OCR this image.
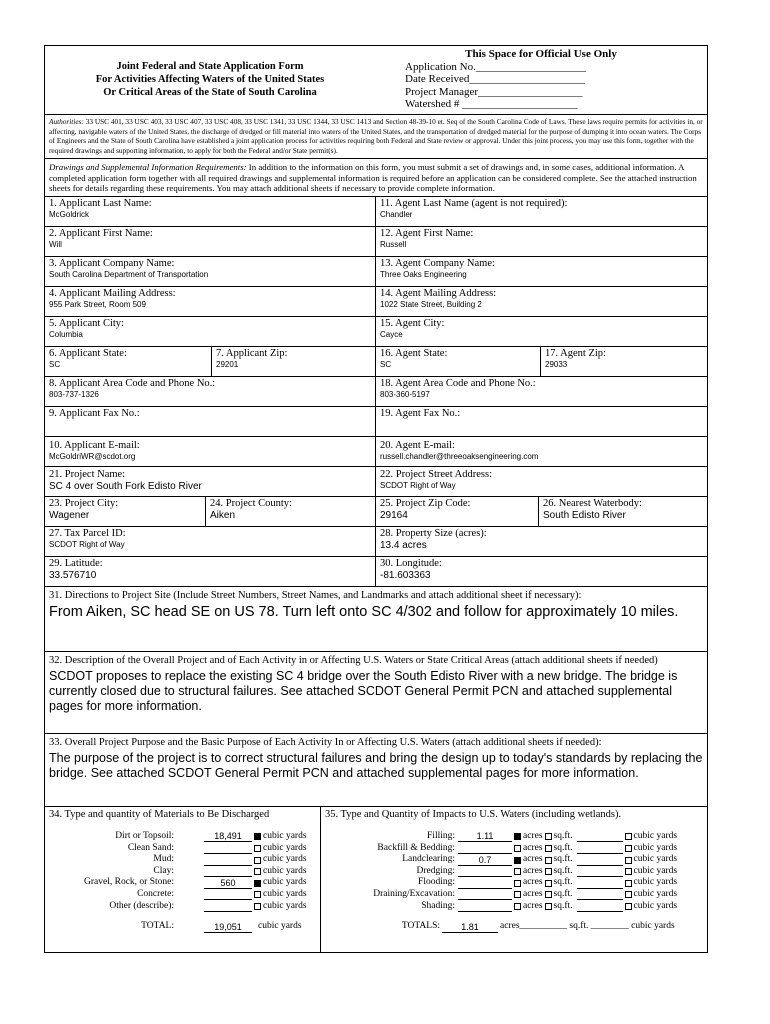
Joint Federal and State Application Form
For Activities Affecting Waters of the United States
Or Critical Areas of the State of South Carolina
This Space for Official Use Only
Application No.____________________
Date Received_____________________
Project Manager___________________
Watershed # _____________________
Authorities: 33 USC 401, 33 USC 403, 33 USC 407, 33 USC 408, 33 USC 1341, 33 USC 1344, 33 USC 1413 and Section 48-39-10 et. Seq of the South Carolina Code of Laws. These laws require permits for activities in, or affecting, navigable waters of the United States, the discharge of dredged or fill material into waters of the United States, and the transportation of dredged material for the purpose of dumping it into ocean waters. The Corps of Engineers and the State of South Carolina have established a joint application process for activities requiring both Federal and State review or approval. Under this joint process, you may use this form, together with the required drawings and supporting information, to apply for both the Federal and/or State permit(s).
Drawings and Supplemental Information Requirements: In addition to the information on this form, you must submit a set of drawings and, in some cases, additional information. A completed application form together with all required drawings and supplemental information is required before an application can be considered complete. See the attached instruction sheets for details regarding these requirements. You may attach additional sheets if necessary to provide complete information.
1. Applicant Last Name:
McGoldrick
11. Agent Last Name (agent is not required):
Chandler
2. Applicant First Name:
Will
12. Agent First Name:
Russell
3. Applicant Company Name:
South Carolina Department of Transportation
13. Agent Company Name:
Three Oaks Engineering
4. Applicant Mailing Address:
955 Park Street, Room 509
14. Agent Mailing Address:
1022 State Street, Building 2
5. Applicant City:
Columbia
15. Agent City:
Cayce
6. Applicant State:
SC
7. Applicant Zip:
29201
16. Agent State:
SC
17. Agent Zip:
29033
8. Applicant Area Code and Phone No.:
803-737-1326
18. Agent Area Code and Phone No.:
803-360-5197
9. Applicant Fax No.:	19. Agent Fax No.:
10. Applicant E-mail:
McGoldriWR@scdot.org
20. Agent E-mail:
russell.chandler@threeoaksengineering.com
21. Project Name:
SC 4 over South Fork Edisto River
22. Project Street Address:
SCDOT Right of Way
23. Project City:
Wagener
24. Project County:
Aiken
25. Project Zip Code:
29164
26. Nearest Waterbody:
South Edisto River
27. Tax Parcel ID:
SCDOT Right of Way
28. Property Size (acres):
13.4 acres
29. Latitude:
33.576710
30. Longitude:
-81.603363
31. Directions to Project Site (Include Street Numbers, Street Names, and Landmarks and attach additional sheet if necessary):
From Aiken, SC head SE on US 78. Turn left onto SC 4/302 and follow for approximately 10 miles.
32. Description of the Overall Project and of Each Activity in or Affecting U.S. Waters or State Critical Areas (attach additional sheets if needed)
SCDOT proposes to replace the existing SC 4 bridge over the South Edisto River with a new bridge. The bridge is currently closed due to structural failures. See attached SCDOT General Permit PCN and attached supplemental pages for more information.
33. Overall Project Purpose and the Basic Purpose of Each Activity In or Affecting U.S. Waters (attach additional sheets if needed):
The purpose of the project is to correct structural failures and bring the design up to today's standards by replacing the bridge. See attached SCDOT General Permit PCN and attached supplemental pages for more information.
34. Type and quantity of Materials to Be Discharged
Dirt or Topsoil:	18,491	cubic yards
Clean Sand:	cubic yards
Mud:	cubic yards
Clay:	cubic yards
Gravel, Rock, or Stone:	560	cubic yards
Concrete:	cubic yards
Other (describe):	cubic yards
TOTAL:	19,051	cubic yards
35. Type and Quantity of Impacts to U.S. Waters (including wetlands).
Filling:	1.11	acres sq.ft.	cubic yards
Backfill & Bedding:	acres sq.ft.	cubic yards
Landclearing:	0.7	acres sq.ft.	cubic yards
Dredging:	acres sq.ft.	cubic yards
Flooding:	acres sq.ft.	cubic yards
Draining/Excavation:	acres sq.ft.	cubic yards
Shading:	acres sq.ft.	cubic yards
TOTALS:	1.81	acres__________ sq.ft. ________ cubic yards
